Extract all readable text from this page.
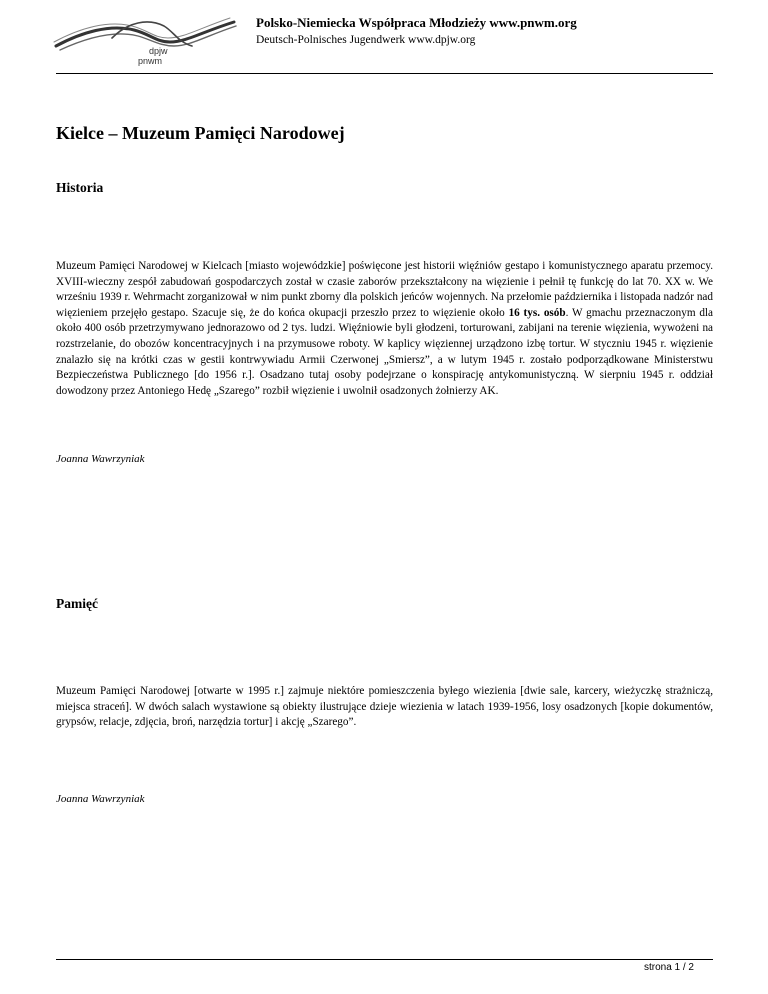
dpjw
pnwm
Polsko-Niemiecka Współpraca Młodzieży www.pnwm.org
Deutsch-Polnisches Jugendwerk www.dpjw.org
Kielce – Muzeum Pamięci Narodowej
Historia

Muzeum Pamięci Narodowej w Kielcach [miasto wojewódzkie] poświęcone jest historii więźniów gestapo i komunistycznego aparatu przemocy. XVIII-wieczny zespół zabudowań gospodarczych został w czasie zaborów przekształcony na więzienie i pełnił tę funkcję do lat 70. XX w. We wrześniu 1939 r. Wehrmacht zorganizował w nim punkt zborny dla polskich jeńców wojennych. Na przełomie października i listopada nadzór nad więzieniem przejęło gestapo. Szacuje się, że do końca okupacji przeszło przez to więzienie około 16 tys. osób. W gmachu przeznaczonym dla około 400 osób przetrzymywano jednorazowo od 2 tys. ludzi. Więźniowie byli głodzeni, torturowani, zabijani na terenie więzienia, wywożeni na rozstrzelanie, do obozów koncentracyjnych i na przymusowe roboty. W kaplicy więziennej urządzono izbę tortur. W styczniu 1945 r. więzienie znalazło się na krótki czas w gestii kontrwywiadu Armii Czerwonej „Smiersz”, a w lutym 1945 r. zostało podporządkowane Ministerstwu Bezpieczeństwa Publicznego [do 1956 r.]. Osadzano tutaj osoby podejrzane o konspirację antykomunistyczną. W sierpniu 1945 r. oddział dowodzony przez Antoniego Hedę „Szarego” rozbił więzienie i uwolnił osadzonych żołnierzy AK.

Joanna Wawrzyniak

Pamięć

Muzeum Pamięci Narodowej [otwarte w 1995 r.] zajmuje niektóre pomieszczenia byłego wiezienia [dwie sale, karcery, wieżyczkę strażniczą, miejsca straceń]. W dwóch salach wystawione są obiekty ilustrujące dzieje wiezienia w latach 1939-1956, losy osadzonych [kopie dokumentów, grypsów, relacje, zdjęcia, broń, narzędzia tortur] i akcję „Szarego”.

Joanna Wawrzyniak

strona 1 / 2
